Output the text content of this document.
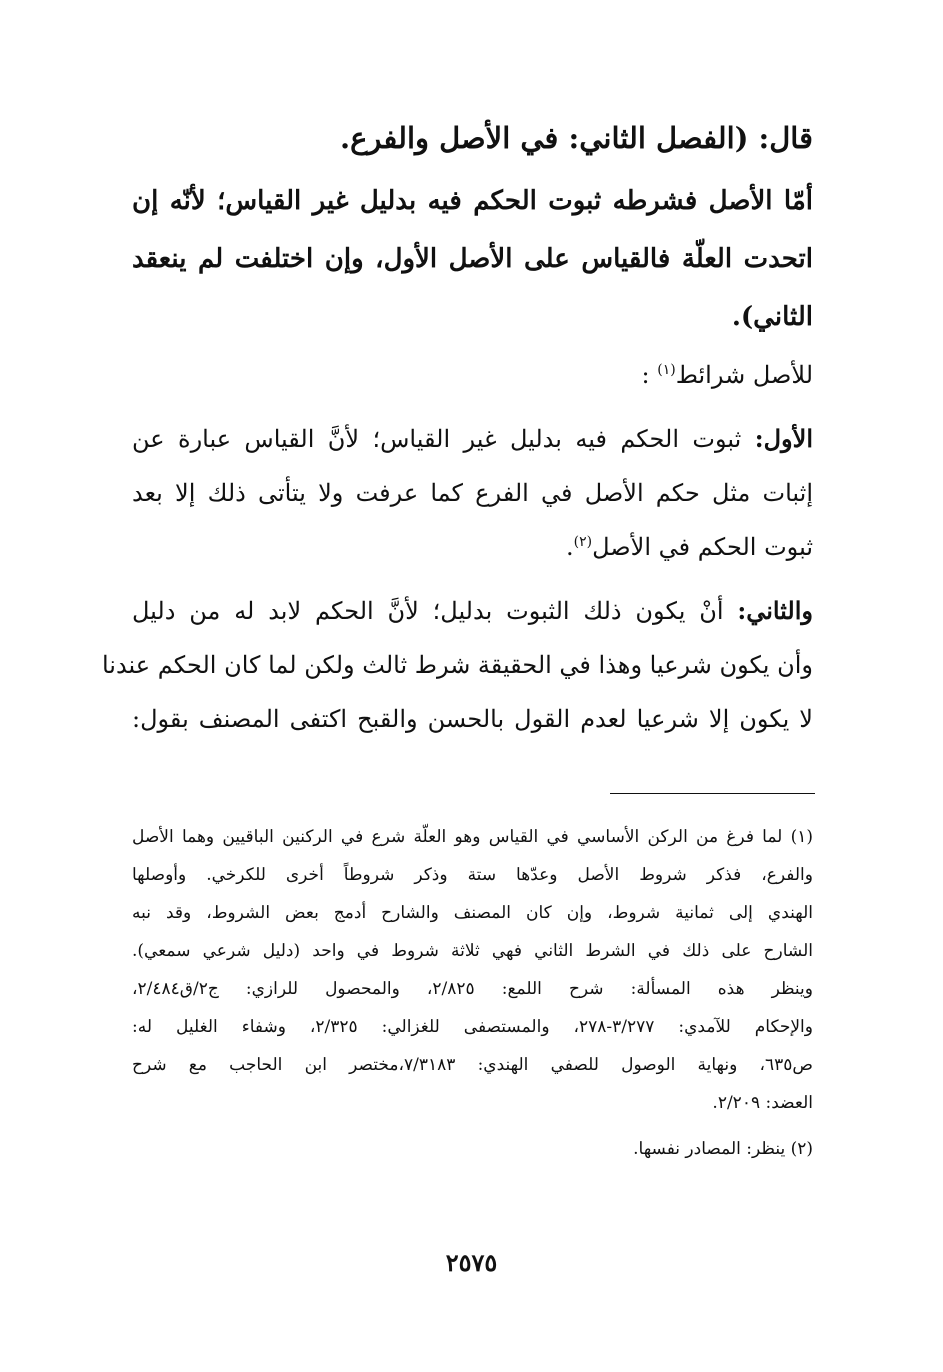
قال: (الفصل الثاني: في الأصل والفرع.

أمّا الأصل فشرطه ثبوت الحكم فيه بدليل غير القياس؛ لأنّه إن

اتحدت العلّة فالقياس على الأصل الأول، وإن اختلفت لم ينعقد

الثاني).

للأصل شرائط$^{(١)}$ :

الأول: ثبوت الحكم فيه بدليل غير القياس؛ لأنَّ القياس عبارة عن

إثبات مثل حكم الأصل في الفرع كما عرفت ولا يتأتى ذلك إلا بعد

ثبوت الحكم في الأصل$^{(٢)}$.

والثاني: أنْ يكون ذلك الثبوت بدليل؛ لأنَّ الحكم لابد له من دليل

وأن يكون شرعيا وهذا في الحقيقة شرط ثالث ولكن لما كان الحكم عندنا

لا يكون إلا شرعيا لعدم القول بالحسن والقبح اكتفى المصنف بقول:

(١) لما فرغ من الركن الأساسي في القياس وهو العلّة شرع في الركنين الباقيين وهما الأصل

والفرع، فذكر شروط الأصل وعدّها ستة وذكر شروطاً أخرى للكرخي. وأوصلها

الهندي إلى ثمانية شروط، وإن كان المصنف والشارح أدمج بعض الشروط، وقد نبه

الشارح على ذلك في الشرط الثاني فهي ثلاثة شروط في واحد (دليل شرعي سمعي).

وينظر هذه المسألة: شرح اللمع: ٢/٨٢٥، والمحصول للرازي: ج٢/ق٢/٤٨٤،

والإحكام للآمدي: ٣/٢٧٧-٢٧٨، والمستصفى للغزالي: ٢/٣٢٥، وشفاء الغليل له:

ص٦٣٥، ونهاية الوصول للصفي الهندي: ٧/٣١٨٣،مختصر ابن الحاجب مع شرح

العضد: ٢/٢٠٩.

(٢) ينظر: المصادر نفسها.

٢٥٧٥
